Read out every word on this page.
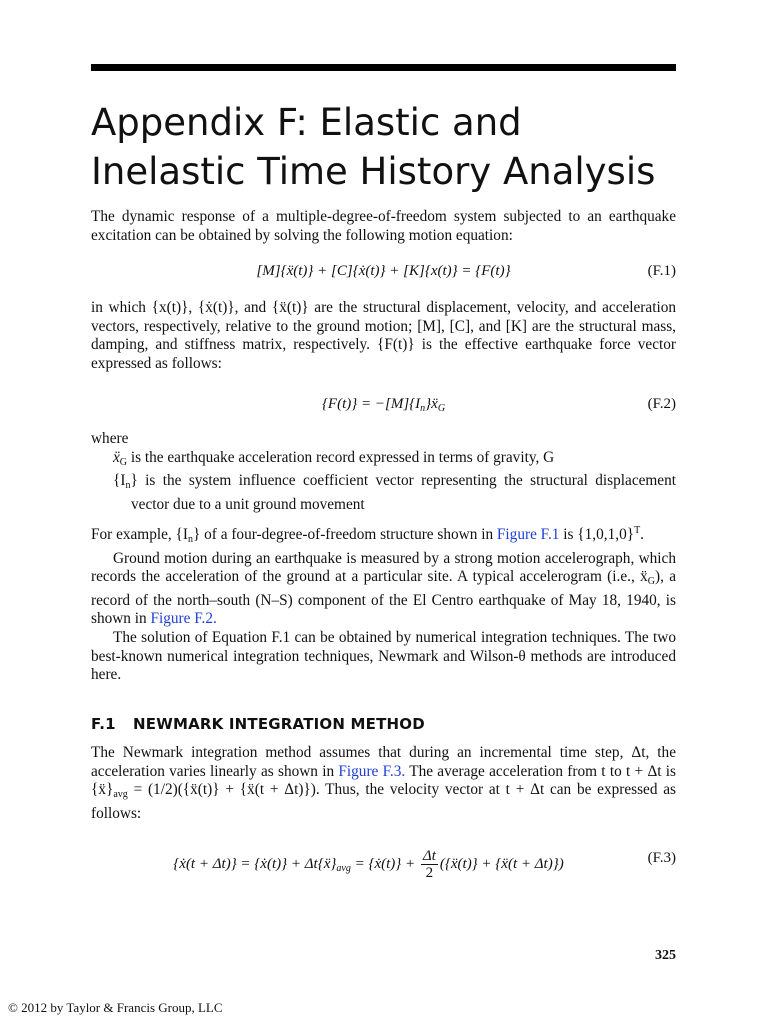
Appendix F: Elastic and
Inelastic Time History Analysis

The dynamic response of a multiple-degree-of-freedom system subjected to an earthquake excitation can be obtained by solving the following motion equation:

[M]{ẍ(t)} + [C]{ẋ(t)} + [K]{x(t)} = {F(t)}	(F.1)

in which {x(t)}, {ẋ(t)}, and {ẍ(t)} are the structural displacement, velocity, and acceleration vectors, respectively, relative to the ground motion; [M], [C], and [K] are the structural mass, damping, and stiffness matrix, respectively. {F(t)} is the effective earthquake force vector expressed as follows:

$\{F(t)\} = -[M]\{I_n\}ẍ_G$	(F.2)

where

ẍ$_G$ is the earthquake acceleration record expressed in terms of gravity, G

$\{I_n\}$ is the system influence coefficient vector representing the structural displacement vector due to a unit ground movement

For example, $\{I_n\}$ of a four-degree-of-freedom structure shown in Figure F.1 is $\{1,0,1,0\}^T$.

Ground motion during an earthquake is measured by a strong motion accelerograph, which records the acceleration of the ground at a particular site. A typical accelerogram (i.e., ẍ$_G$), a record of the north–south (N–S) component of the El Centro earthquake of May 18, 1940, is shown in Figure F.2.

The solution of Equation F.1 can be obtained by numerical integration techniques. The two best-known numerical integration techniques, Newmark and Wilson-θ methods are introduced here.

F.1 NEWMARK INTEGRATION METHOD

The Newmark integration method assumes that during an incremental time step, Δt, the acceleration varies linearly as shown in Figure F.3. The average acceleration from t to t + Δt is $\{ẍ\}_{avg}$ = (1/2)({ẍ(t)} + {ẍ(t + Δt)}). Thus, the velocity vector at t + Δt can be expressed as follows:

{ẋ(t + Δt)} = {ẋ(t)} + $\Delta t\{ẍ\}_{avg}$ = {ẋ(t)} + $\frac{\Delta t}{2}$ ({ẍ(t)} + {ẍ(t + Δt)})	(F.3)
325
© 2012 by Taylor & Francis Group, LLC
